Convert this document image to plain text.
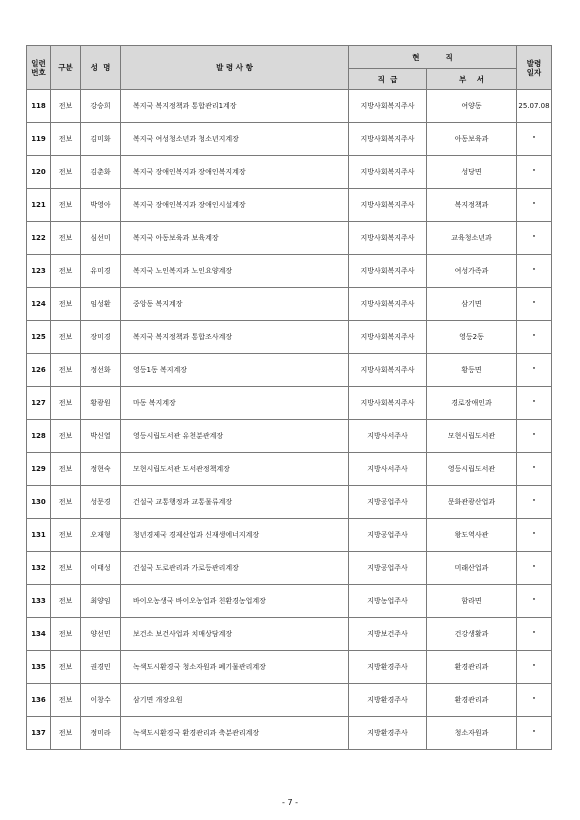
일련
번호	구분	성  명	발 령 사 항	현          직		발령
일자
				직  급	부    서	
118	전보	강승희	복지국 복지정책과 통합관리1계장	지방사회복지주사	여양동	25.07.08
119	전보	김미화	복지국 여성청소년과 청소년지계장	지방사회복지주사	아동보육과	"
120	전보	김춘화	복지국 장애인복지과 장애인복지계장	지방사회복지주사	성당면	"
121	전보	박영아	복지국 장애인복지과 장애인시설계장	지방사회복지주사	복지정책과	"
122	전보	심선미	복지국 아동보육과 보육계장	지방사회복지주사	교육청소년과	"
123	전보	유미경	복지국 노인복지과 노인요양계장	지방사회복지주사	여성가족과	"
124	전보	임성환	중앙동 복지계장	지방사회복지주사	삼기면	"
125	전보	장미경	복지국 복지정책과 통합조사계장	지방사회복지주사	영등2동	"
126	전보	정선화	영등1동 복지계장	지방사회복지주사	황등면	"
127	전보	황광원	마동 복지계장	지방사회복지주사	경로장애인과	"
128	전보	박신열	영등시립도서관 유천분관계장	지방사서주사	모현시립도서관	"
129	전보	정현숙	모현시립도서관 도서관정책계장	지방사서주사	영등시립도서관	"
130	전보	성문경	건설국 교통행정과 교통물류계장	지방공업주사	문화관광산업과	"
131	전보	오재형	청년경제국 경제산업과 신재생에너지계장	지방공업주사	왕도역사관	"
132	전보	이태성	건설국 도로관리과 가로등관리계장	지방공업주사	미래산업과	"
133	전보	최양임	바이오농생국 바이오농업과 친환경농업계장	지방농업주사	함라면	"
134	전보	양선민	보건소 보건사업과 치매상담계장	지방보건주사	건강생활과	"
135	전보	권경민	녹색도시환경국 청소자원과 폐기물관리계장	지방환경주사	환경관리과	"
136	전보	이창수	삼기면 개장요원	지방환경주사	환경관리과	"
137	전보	정미라	녹색도시환경국 환경관리과 축분관리계장	지방환경주사	청소자원과	"
- 7 -
